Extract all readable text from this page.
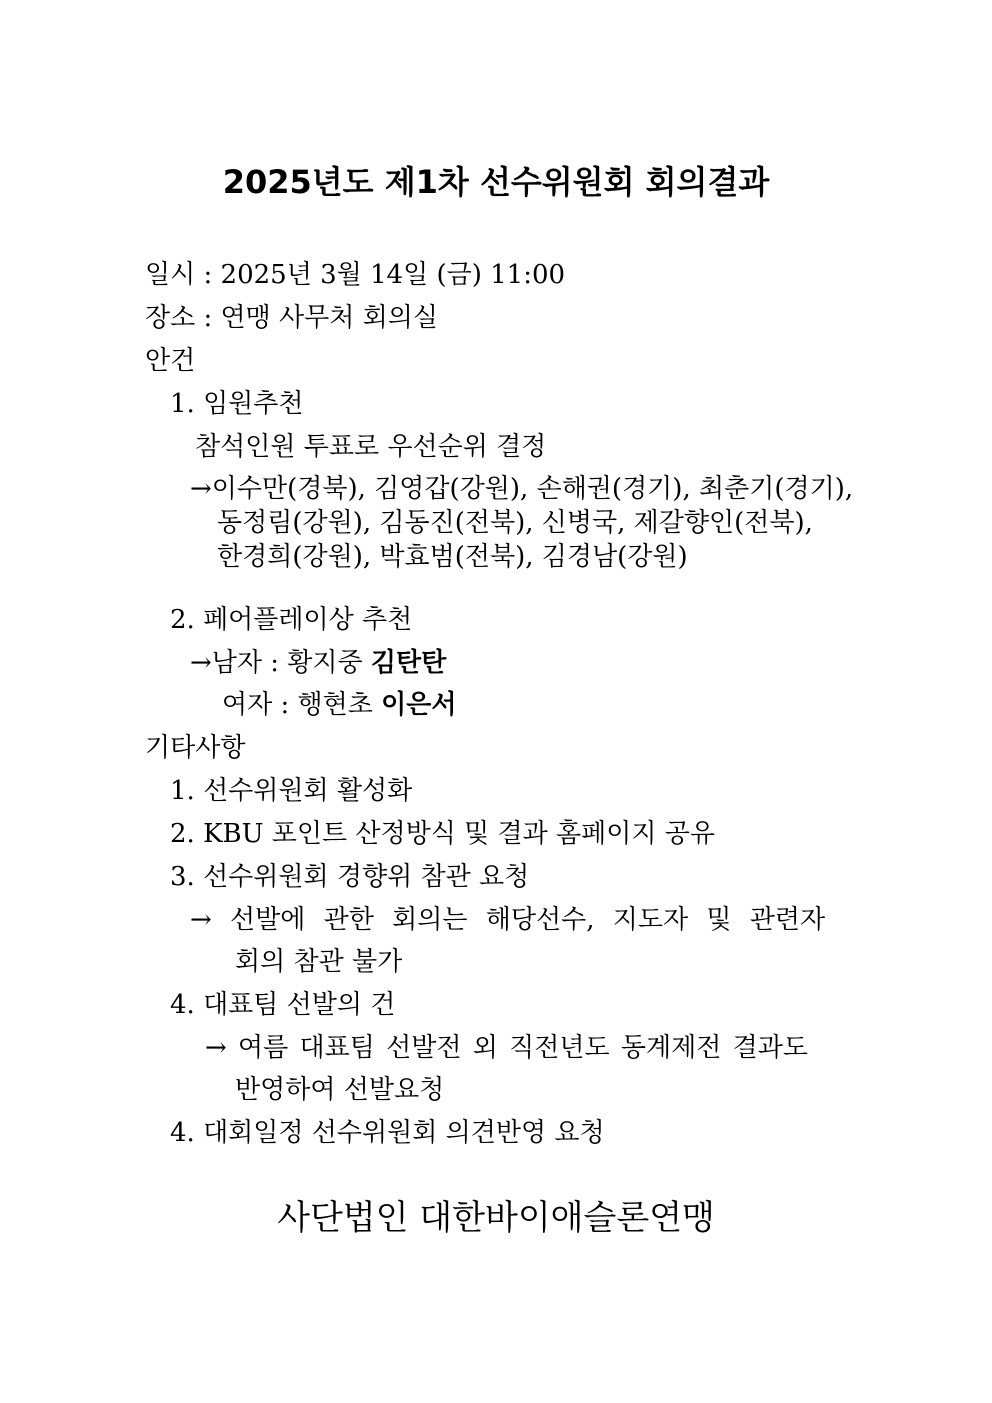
2025년도 제1차 선수위원회 회의결과
일시 : 2025년 3월 14일 (금) 11:00
장소 : 연맹 사무처 회의실
안건
1. 임원추천
참석인원 투표로 우선순위 결정
→이수만(경북), 김영갑(강원), 손해권(경기), 최춘기(경기),
동정림(강원), 김동진(전북), 신병국, 제갈향인(전북),
한경희(강원), 박효범(전북), 김경남(강원)
2. 페어플레이상 추천
→남자 : 황지중 김탄탄
여자 : 행현초 이은서
기타사항
1. 선수위원회 활성화
2. KBU 포인트 산정방식 및 결과 홈페이지 공유
3. 선수위원회 경향위 참관 요청
→ 선발에 관한 회의는 해당선수, 지도자 및 관련자
회의 참관 불가
4. 대표팀 선발의 건
→ 여름 대표팀 선발전 외 직전년도 동계제전 결과도
반영하여 선발요청
4. 대회일정 선수위원회 의견반영 요청
사단법인 대한바이애슬론연맹
